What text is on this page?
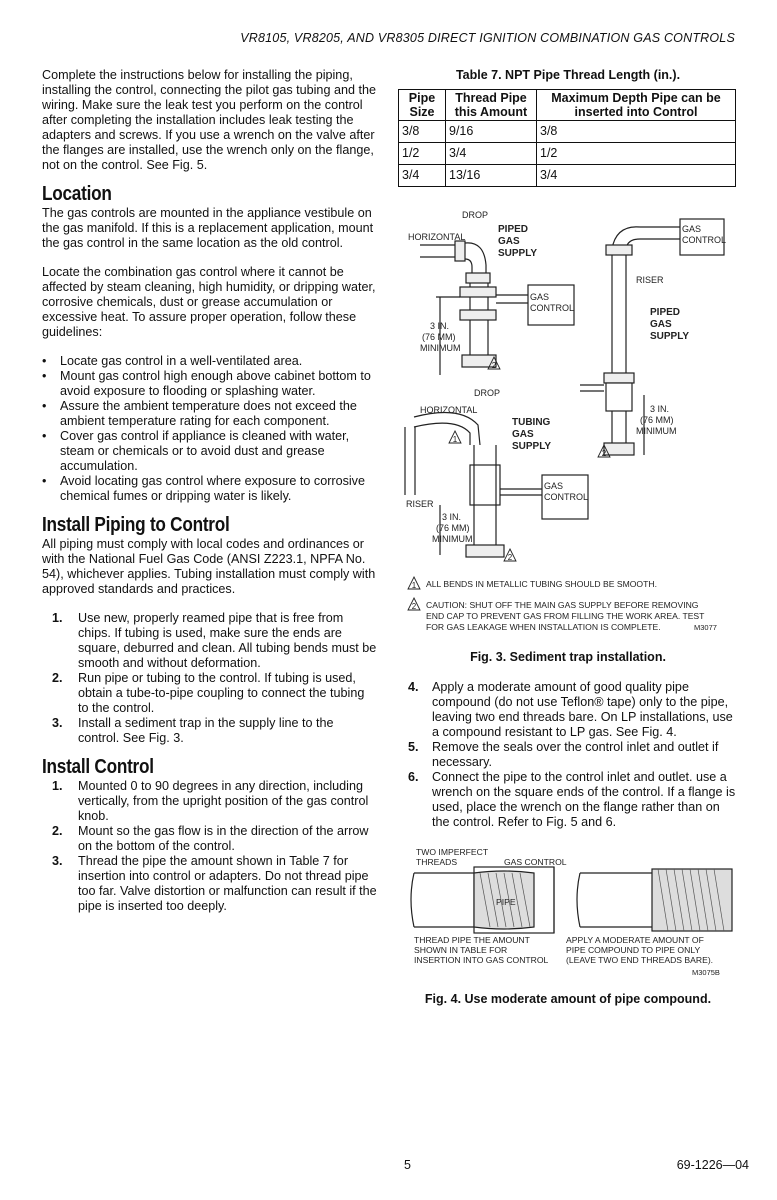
VR8105, VR8205, AND VR8305 DIRECT IGNITION COMBINATION GAS CONTROLS

Complete the instructions below for installing the piping, installing the control, connecting the pilot gas tubing and the wiring. Make sure the leak test you perform on the control after completing the installation includes leak testing the adapters and screws. If you use a wrench on the valve after the flanges are installed, use the wrench only on the flange, not on the control. See Fig. 5.

Location

The gas controls are mounted in the appliance vestibule on the gas manifold. If this is a replacement application, mount the gas control in the same location as the old control.

Locate the combination gas control where it cannot be affected by steam cleaning, high humidity, or dripping water, corrosive chemicals, dust or grease accumulation or excessive heat. To assure proper operation, follow these guidelines:

• Locate gas control in a well-ventilated area.
• Mount gas control high enough above cabinet bottom to avoid exposure to flooding or splashing water.
• Assure the ambient temperature does not exceed the ambient temperature rating for each component.
• Cover gas control if appliance is cleaned with water, steam or chemicals or to avoid dust and grease accumulation.
• Avoid locating gas control where exposure to corrosive chemical fumes or dripping water is likely.
Install Piping to Control

All piping must comply with local codes and ordinances or with the National Fuel Gas Code (ANSI Z223.1, NPFA No. 54), whichever applies. Tubing installation must comply with approved standards and practices.

1. Use new, properly reamed pipe that is free from chips. If tubing is used, make sure the ends are square, deburred and clean. All tubing bends must be smooth and without deformation.
2. Run pipe or tubing to the control. If tubing is used, obtain a tube-to-pipe coupling to connect the tubing to the control.
3. Install a sediment trap in the supply line to the control. See Fig. 3.
Install Control
1. Mounted 0 to 90 degrees in any direction, including vertically, from the upright position of the gas control knob.
2. Mount so the gas flow is in the direction of the arrow on the bottom of the control.
3. Thread the pipe the amount shown in Table 7 for insertion into control or adapters. Do not thread pipe too far. Valve distortion or malfunction can result if the pipe is inserted too deeply.
Table 7. NPT Pipe Thread Length (in.).
Pipe Size	Thread Pipe this Amount	Maximum Depth Pipe can be inserted into Control
3/8	9/16	3/8
1/2	3/4	1/2
3/4	13/16	3/4
DROP
HORIZONTAL
PIPED
GAS
SUPPLY
GAS
CONTROL
3 IN.
(76 MM)
MINIMUM
GAS
CONTROL
RISER
PIPED
GAS
SUPPLY
3 IN.
(76 MM)
MINIMUM
DROP
HORIZONTAL
TUBING
GAS
SUPPLY
GAS
CONTROL
RISER
3 IN.
(76 MM)
MINIMUM
2
1
2
2
1
2
ALL BENDS IN METALLIC TUBING SHOULD BE SMOOTH.
CAUTION: SHUT OFF THE MAIN GAS SUPPLY BEFORE REMOVING
END CAP TO PREVENT GAS FROM FILLING THE WORK AREA. TEST
FOR GAS LEAKAGE WHEN INSTALLATION IS COMPLETE.	M3077
Fig. 3. Sediment trap installation.
4. Apply a moderate amount of good quality pipe compound (do not use Teflon® tape) only to the pipe, leaving two end threads bare. On LP installations, use a compound resistant to LP gas. See Fig. 4.
5. Remove the seals over the control inlet and outlet if necessary.
6. Connect the pipe to the control inlet and outlet. use a wrench on the square ends of the control. If a flange is used, place the wrench on the flange rather than on the control. Refer to Fig. 5 and 6.
TWO IMPERFECT
THREADS	GAS CONTROL
PIPE
THREAD PIPE THE AMOUNT
SHOWN IN TABLE FOR
INSERTION INTO GAS CONTROL
APPLY A MODERATE AMOUNT OF
PIPE COMPOUND TO PIPE ONLY
(LEAVE TWO END THREADS BARE).
M3075B
Fig. 4. Use moderate amount of pipe compound.
5	69-1226—04
